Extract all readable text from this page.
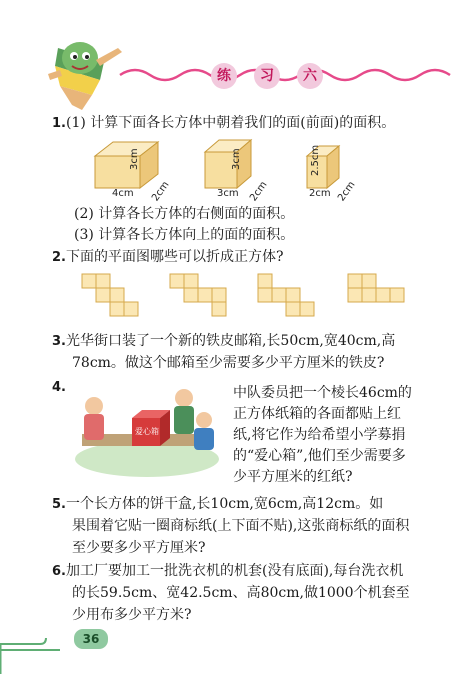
练	习	六
1.(1) 计算下面各长方体中朝着我们的面(前面)的面积。
4cm
3cm
2cm	3cm
3cm
2cm	2cm
2.5cm
2cm
(2) 计算各长方体的右侧面的面积。
(3) 计算各长方体向上的面的面积。
2.下面的平面图哪些可以折成正方体?
3.光华街口装了一个新的铁皮邮箱,长50cm,宽40cm,高
78cm。做这个邮箱至少需要多少平方厘米的铁皮?
4.
爱心箱
中队委员把一个棱长46cm的
正方体纸箱的各面都贴上红
纸,将它作为给希望小学募捐
的“爱心箱”,他们至少需要多
少平方厘米的红纸?
5.一个长方体的饼干盒,长10cm,宽6cm,高12cm。如
果围着它贴一圈商标纸(上下面不贴),这张商标纸的面积
至少要多少平方厘米?
6.加工厂要加工一批洗衣机的机套(没有底面),每台洗衣机
的长59.5cm、宽42.5cm、高80cm,做1000个机套至
少用布多少平方米?
36
